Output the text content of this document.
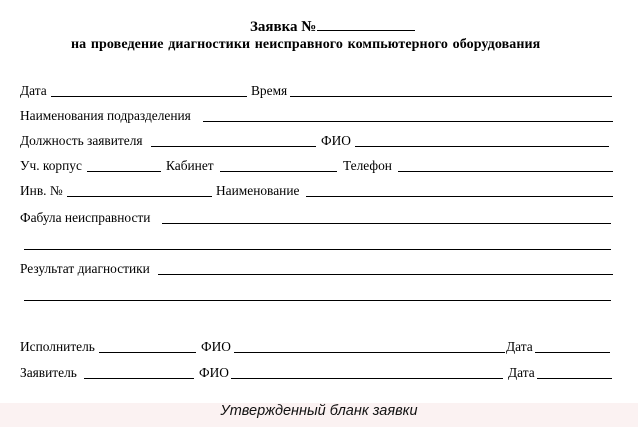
Заявка №
на проведение диагностики неисправного компьютерного оборудования
Дата	Время
Наименования подразделения
Должность заявителя	ФИО
Уч. корпус	Кабинет	Телефон
Инв. №	Наименование
Фабула неисправности
Результат диагностики
Исполнитель	ФИО	Дата
Заявитель	ФИО	Дата
Утвержденный бланк заявки
